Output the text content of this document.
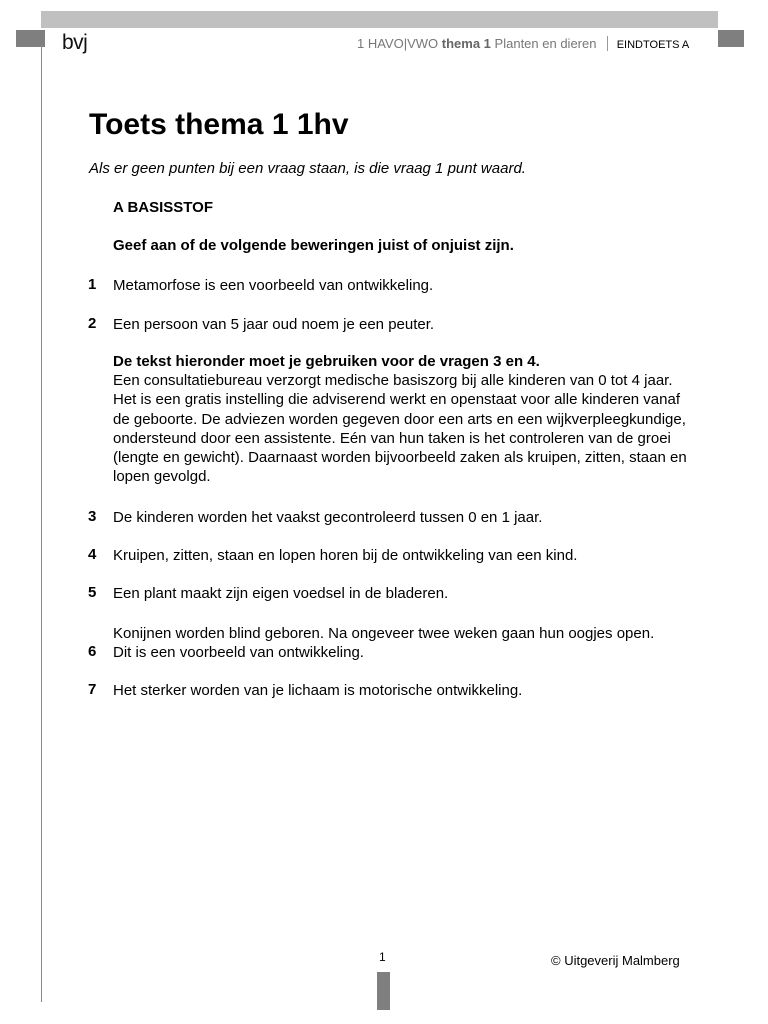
bvj	1 HAVO|VWO thema 1 Planten en dieren EINDTOETS A
Toets thema 1 1hv
Als er geen punten bij een vraag staan, is die vraag 1 punt waard.
A BASISSTOF
Geef aan of de volgende beweringen juist of onjuist zijn.
1 Metamorfose is een voorbeeld van ontwikkeling.
2 Een persoon van 5 jaar oud noem je een peuter.
De tekst hieronder moet je gebruiken voor de vragen 3 en 4.
Een consultatiebureau verzorgt medische basiszorg bij alle kinderen van 0 tot 4 jaar. Het is een gratis instelling die adviserend werkt en openstaat voor alle kinderen vanaf de geboorte. De adviezen worden gegeven door een arts en een wijkverpleegkundige, ondersteund door een assistente. Eén van hun taken is het controleren van de groei (lengte en gewicht). Daarnaast worden bijvoorbeeld zaken als kruipen, zitten, staan en lopen gevolgd.
3 De kinderen worden het vaakst gecontroleerd tussen 0 en 1 jaar.
4 Kruipen, zitten, staan en lopen horen bij de ontwikkeling van een kind.
5 Een plant maakt zijn eigen voedsel in de bladeren.
Konijnen worden blind geboren. Na ongeveer twee weken gaan hun oogjes open.
6 Dit is een voorbeeld van ontwikkeling.
7 Het sterker worden van je lichaam is motorische ontwikkeling.
1	© Uitgeverij Malmberg
